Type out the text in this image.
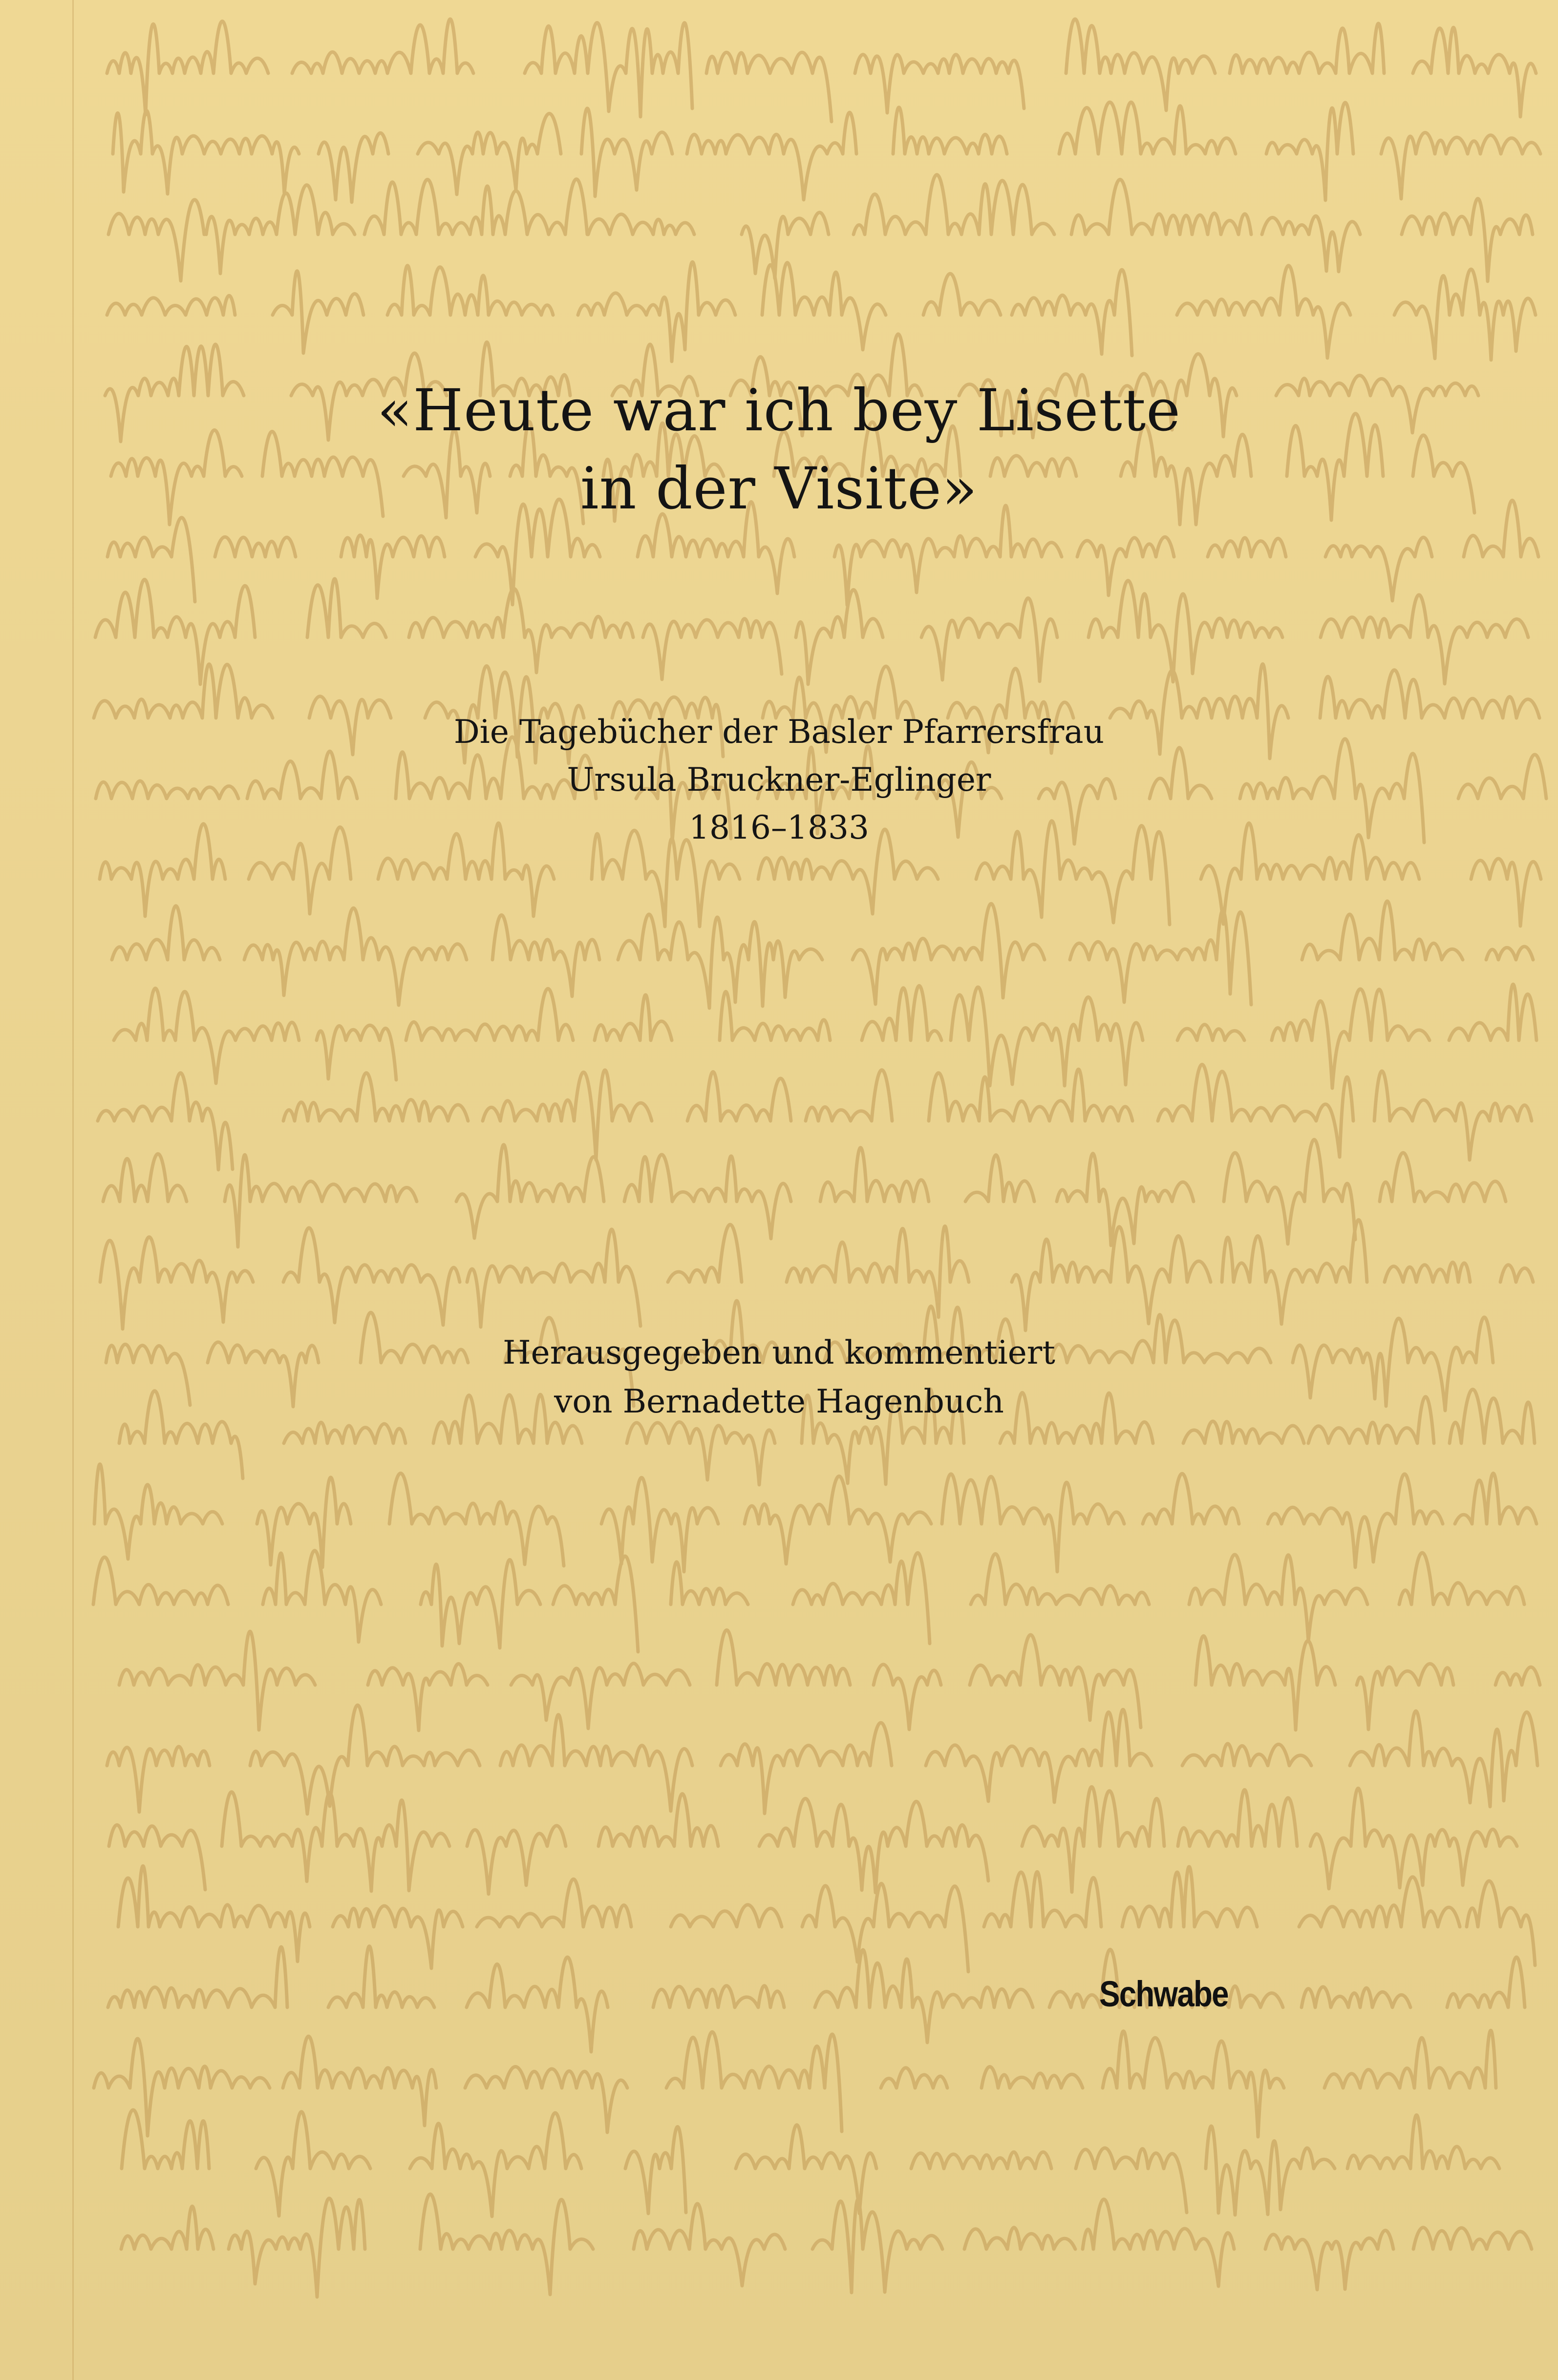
«Heute war ich bey Lisette
in der Visite»
Die Tagebücher der Basler Pfarrersfrau
Ursula Bruckner-Eglinger
1816–1833
Herausgegeben und kommentiert
von Bernadette Hagenbuch
Schwabe
